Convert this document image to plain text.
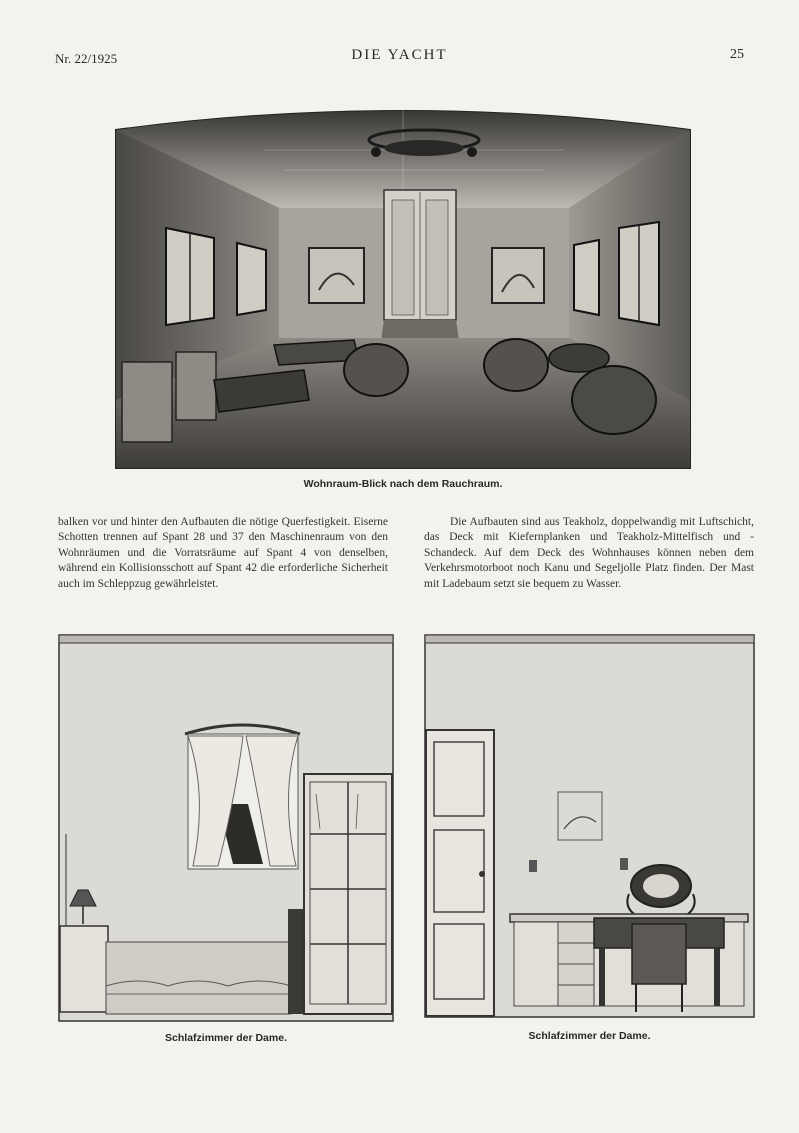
Nr. 22/1925	DIE YACHT	25
Wohnraum-Blick nach dem Rauchraum.

balken vor und hinter den Aufbauten die nötige Querfestigkeit. Eiserne Schotten trennen auf Spant 28 und 37 den Maschinenraum von den Wohnräumen und die Vorratsräume auf Spant 4 von denselben, während ein Kollisionsschott auf Spant 42 die erforderliche Sicherheit auch im Schleppzug gewährleistet.

Die Aufbauten sind aus Teakholz, doppelwandig mit Luftschicht, das Deck mit Kiefernplanken und Teakholz-Mittelfisch und -Schandeck. Auf dem Deck des Wohnhauses können neben dem Verkehrsmotorboot noch Kanu und Segeljolle Platz finden. Der Mast mit Ladebaum setzt sie bequem zu Wasser.

Schlafzimmer der Dame.	Schlafzimmer der Dame.
